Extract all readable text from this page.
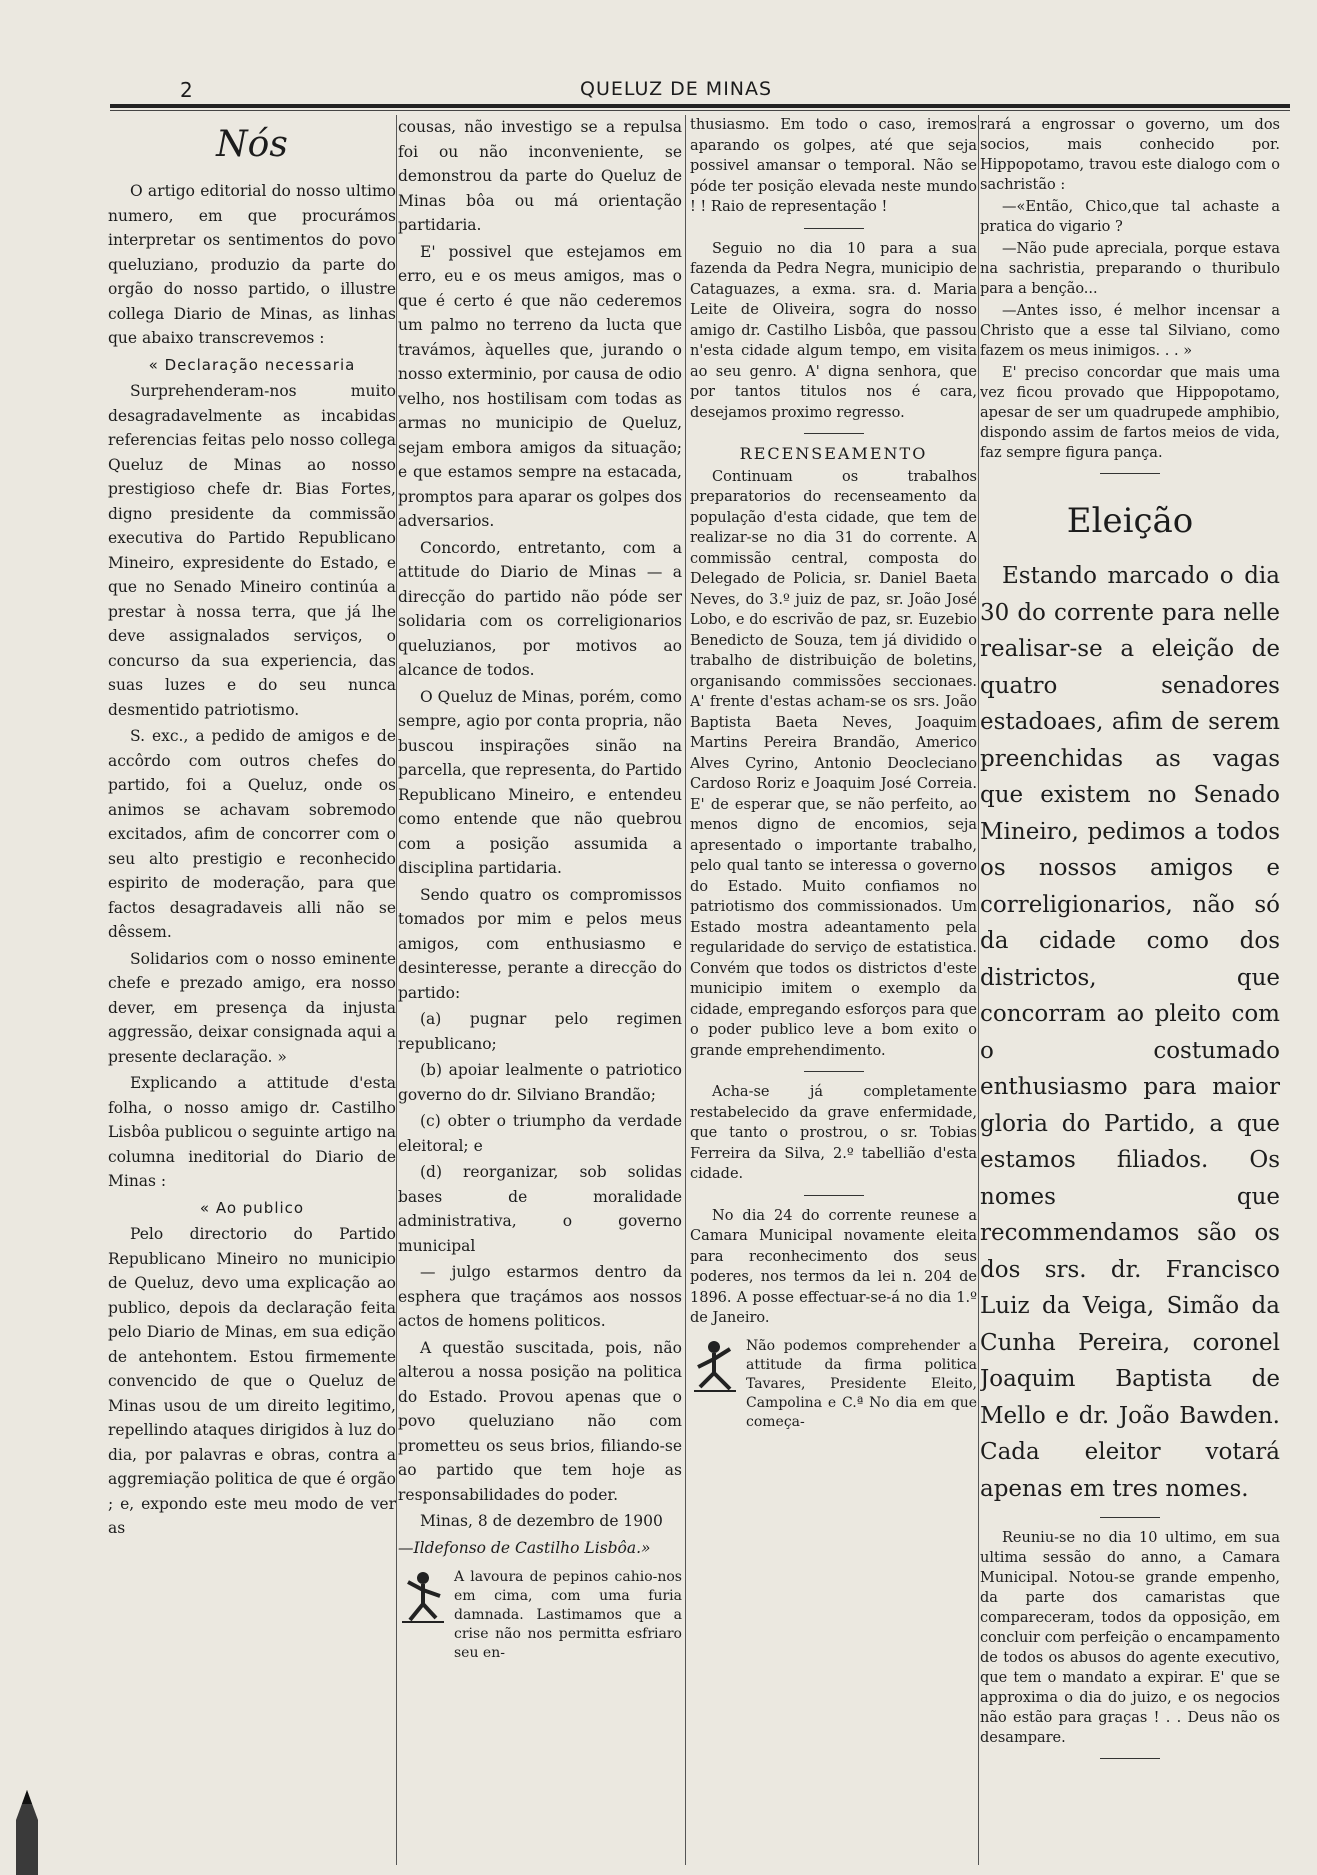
2	QUELUZ DE MINAS
Nós

O artigo editorial do nosso ultimo numero, em que procurámos interpretar os sentimentos do povo queluziano, produzio da parte do orgão do nosso partido, o illustre collega Diario de Minas, as linhas que abaixo transcrevemos :

« Declaração necessaria

Surprehenderam-nos muito desagradavelmente as incabidas referencias feitas pelo nosso collega Queluz de Minas ao nosso prestigioso chefe dr. Bias Fortes, digno presidente da commissão executiva do Partido Republicano Mineiro, expresidente do Estado, e que no Senado Mineiro continúa a prestar à nossa terra, que já lhe deve assignalados serviços, o concurso da sua experiencia, das suas luzes e do seu nunca desmentido patriotismo.

S. exc., a pedido de amigos e de accôrdo com outros chefes do partido, foi a Queluz, onde os animos se achavam sobremodo excitados, afim de concorrer com o seu alto prestigio e reconhecido espirito de moderação, para que factos desagradaveis alli não se dêssem.

Solidarios com o nosso eminente chefe e prezado amigo, era nosso dever, em presença da injusta aggressão, deixar consignada aqui a presente declaração. »

Explicando a attitude d'esta folha, o nosso amigo dr. Castilho Lisbôa publicou o seguinte artigo na columna ineditorial do Diario de Minas :

« Ao publico

Pelo directorio do Partido Republicano Mineiro no municipio de Queluz, devo uma explicação ao publico, depois da declaração feita pelo Diario de Minas, em sua edição de antehontem. Estou firmemente convencido de que o Queluz de Minas usou de um direito legitimo, repellindo ataques dirigidos à luz do dia, por palavras e obras, contra a aggremiação politica de que é orgão ; e, expondo este meu modo de ver as

cousas, não investigo se a repulsa foi ou não inconveniente, se demonstrou da parte do Queluz de Minas bôa ou má orientação partidaria.

E' possivel que estejamos em erro, eu e os meus amigos, mas o que é certo é que não cederemos um palmo no terreno da lucta que travámos, àquelles que, jurando o nosso exterminio, por causa de odio velho, nos hostilisam com todas as armas no municipio de Queluz, sejam embora amigos da situação; e que estamos sempre na estacada, promptos para aparar os golpes dos adversarios.

Concordo, entretanto, com a attitude do Diario de Minas — a direcção do partido não póde ser solidaria com os correligionarios queluzianos, por motivos ao alcance de todos.

O Queluz de Minas, porém, como sempre, agio por conta propria, não buscou inspirações sinão na parcella, que representa, do Partido Republicano Mineiro, e entendeu como entende que não quebrou com a posição assumida a disciplina partidaria.

Sendo quatro os compromissos tomados por mim e pelos meus amigos, com enthusiasmo e desinteresse, perante a direcção do partido:

(a) pugnar pelo regimen republicano;

(b) apoiar lealmente o patriotico governo do dr. Silviano Brandão;

(c) obter o triumpho da verdade eleitoral; e

(d) reorganizar, sob solidas bases de moralidade administrativa, o governo municipal

— julgo estarmos dentro da esphera que traçámos aos nossos actos de homens politicos.

A questão suscitada, pois, não alterou a nossa posição na politica do Estado. Provou apenas que o povo queluziano não com prometteu os seus brios, filiando-se ao partido que tem hoje as responsabilidades do poder.

Minas, 8 de dezembro de 1900

—Ildefonso de Castilho Lisbôa.»

A lavoura de pepinos cahio-nos em cima, com uma furia damnada. Lastimamos que a crise não nos permitta esfriaro seu en-

thusiasmo. Em todo o caso, iremos aparando os golpes, até que seja possivel amansar o temporal. Não se póde ter posição elevada neste mundo ! ! Raio de representação !

Seguio no dia 10 para a sua fazenda da Pedra Negra, municipio de Cataguazes, a exma. sra. d. Maria Leite de Oliveira, sogra do nosso amigo dr. Castilho Lisbôa, que passou n'esta cidade algum tempo, em visita ao seu genro. A' digna senhora, que por tantos titulos nos é cara, desejamos proximo regresso.

RECENSEAMENTO

Continuam os trabalhos preparatorios do recenseamento da população d'esta cidade, que tem de realizar-se no dia 31 do corrente. A commissão central, composta do Delegado de Policia, sr. Daniel Baeta Neves, do 3.º juiz de paz, sr. João José Lobo, e do escrivão de paz, sr. Euzebio Benedicto de Souza, tem já dividido o trabalho de distribuição de boletins, organisando commissões seccionaes. A' frente d'estas acham-se os srs. João Baptista Baeta Neves, Joaquim Martins Pereira Brandão, Americo Alves Cyrino, Antonio Deocleciano Cardoso Roriz e Joaquim José Correia. E' de esperar que, se não perfeito, ao menos digno de encomios, seja apresentado o importante trabalho, pelo qual tanto se interessa o governo do Estado. Muito confiamos no patriotismo dos commissionados. Um Estado mostra adeantamento pela regularidade do serviço de estatistica. Convém que todos os districtos d'este municipio imitem o exemplo da cidade, empregando esforços para que o poder publico leve a bom exito o grande emprehendimento.

Acha-se já completamente restabelecido da grave enfermidade, que tanto o prostrou, o sr. Tobias Ferreira da Silva, 2.º tabellião d'esta cidade.

No dia 24 do corrente reunese a Camara Municipal novamente eleita para reconhecimento dos seus poderes, nos termos da lei n. 204 de 1896. A posse effectuar-se-á no dia 1.º de Janeiro.

Não podemos comprehender a attitude da firma politica Tavares, Presidente Eleito, Campolina e C.ª No dia em que começa-

rará a engrossar o governo, um dos socios, mais conhecido por. Hippopotamo, travou este dialogo com o sachristão :

—«Então, Chico,que tal achaste a pratica do vigario ?

—Não pude apreciala, porque estava na sachristia, preparando o thuribulo para a benção...

—Antes isso, é melhor incensar a Christo que a esse tal Silviano, como fazem os meus inimigos. . . »

E' preciso concordar que mais uma vez ficou provado que Hippopotamo, apesar de ser um quadrupede amphibio, dispondo assim de fartos meios de vida, faz sempre figura pança.

Eleição

Estando marcado o dia 30 do corrente para nelle realisar-se a eleição de quatro senadores estadoaes, afim de serem preenchidas as vagas que existem no Senado Mineiro, pedimos a todos os nossos amigos e correligionarios, não só da cidade como dos districtos, que concorram ao pleito com o costumado enthusiasmo para maior gloria do Partido, a que estamos filiados. Os nomes que recommendamos são os dos srs. dr. Francisco Luiz da Veiga, Simão da Cunha Pereira, coronel Joaquim Baptista de Mello e dr. João Bawden. Cada eleitor votará apenas em tres nomes.

Reuniu-se no dia 10 ultimo, em sua ultima sessão do anno, a Camara Municipal. Notou-se grande empenho, da parte dos camaristas que compareceram, todos da opposição, em concluir com perfeição o encampamento de todos os abusos do agente executivo, que tem o mandato a expirar. E' que se approxima o dia do juizo, e os negocios não estão para graças ! . . Deus não os desampare.
